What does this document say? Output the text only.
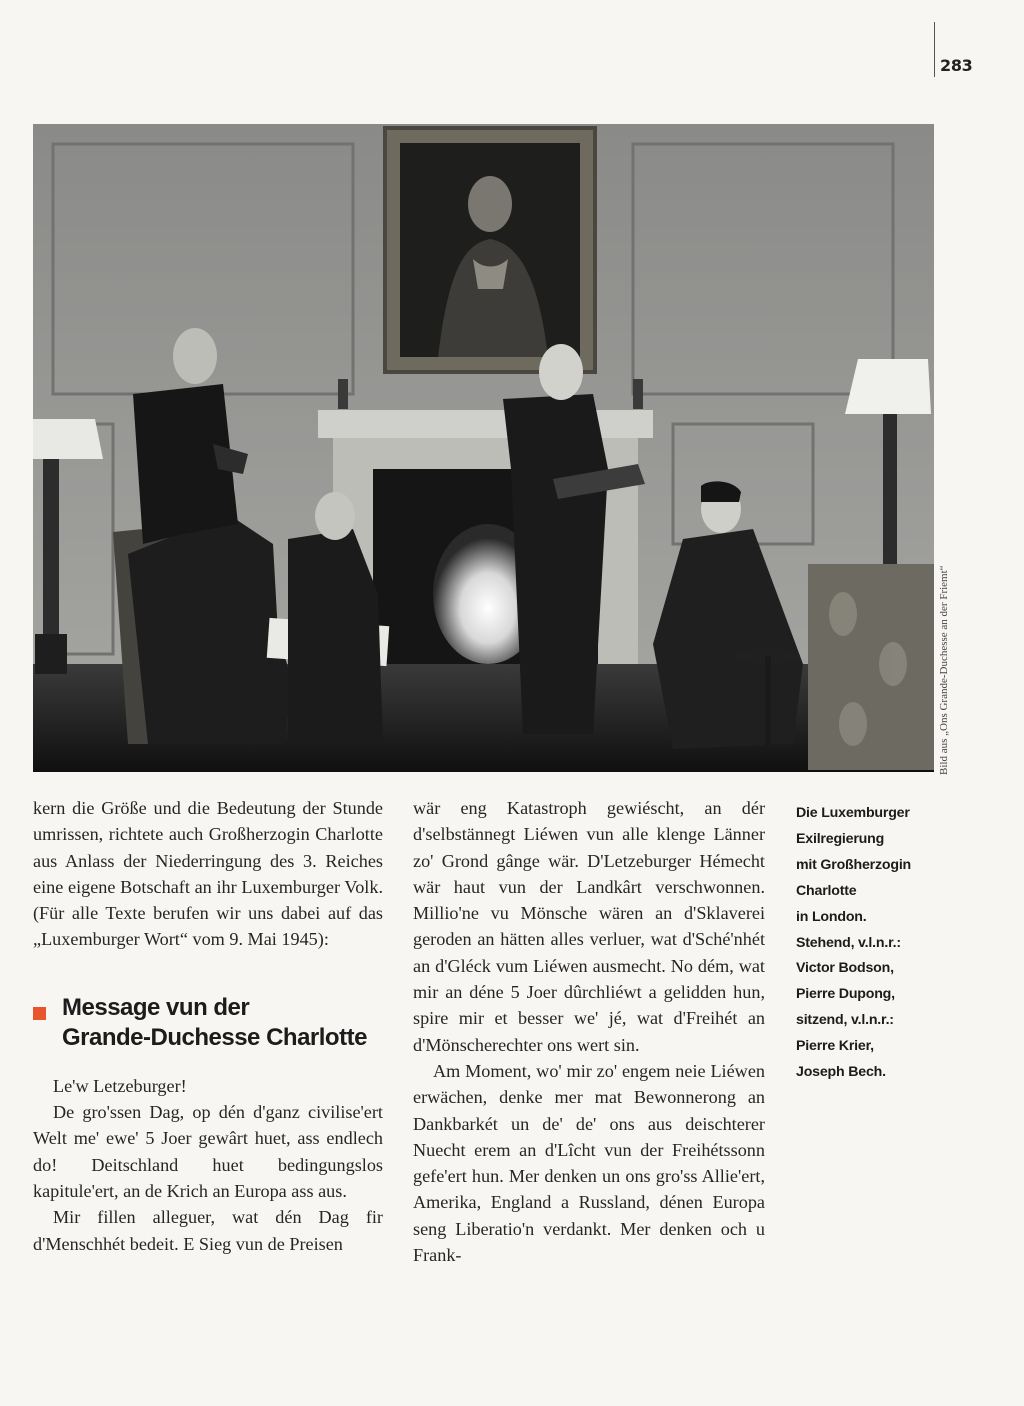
283
Bild aus „Ons Grande-Duchesse an der Friemt“

kern die Größe und die Bedeutung der Stunde umrissen, richtete auch Großherzogin Charlotte aus Anlass der Niederringung des 3. Reiches eine eigene Botschaft an ihr Luxemburger Volk. (Für alle Texte berufen wir uns dabei auf das „Luxemburger Wort“ vom 9. Mai 1945):

Message vun der
Grande-Duchesse Charlotte

Le'w Letzeburger!

De gro'ssen Dag, op dén d'ganz civilise'ert Welt me' ewe' 5 Joer gewârt huet, ass endlech do! Deitschland huet bedingungslos kapitule'ert, an de Krich an Europa ass aus.

Mir fillen alleguer, wat dén Dag fir d'Menschhét bedeit. E Sieg vun de Preisen

wär eng Katastroph gewiéscht, an dér d'selbstännegt Liéwen vun alle klenge Länner zo' Grond gânge wär. D'Letzeburger Hémecht wär haut vun der Landkârt verschwonnen. Millio'ne vu Mönsche wären an d'Sklaverei geroden an hätten alles verluer, wat d'Sché'nhét an d'Gléck vum Liéwen ausmecht. No dém, wat mir an déne 5 Joer dûrchliéwt a gelidden hun, spire mir et besser we' jé, wat d'Freihét an d'Mönscherechter ons wert sin.

Am Moment, wo' mir zo' engem neie Liéwen erwächen, denke mer mat Bewonnerong an Dankbarkét un de' de' ons aus deischterer Nuecht erem an d'Lîcht vun der Freihétssonn gefe'ert hun. Mer denken un ons gro'ss Allie'ert, Amerika, England a Russland, dénen Europa seng Liberatio'n verdankt. Mer denken och u Frank-

Die Luxemburger
Exilregierung
mit Großherzogin
Charlotte
in London.
Stehend, v.l.n.r.:
Victor Bodson,
Pierre Dupong,
sitzend, v.l.n.r.:
Pierre Krier,
Joseph Bech.
